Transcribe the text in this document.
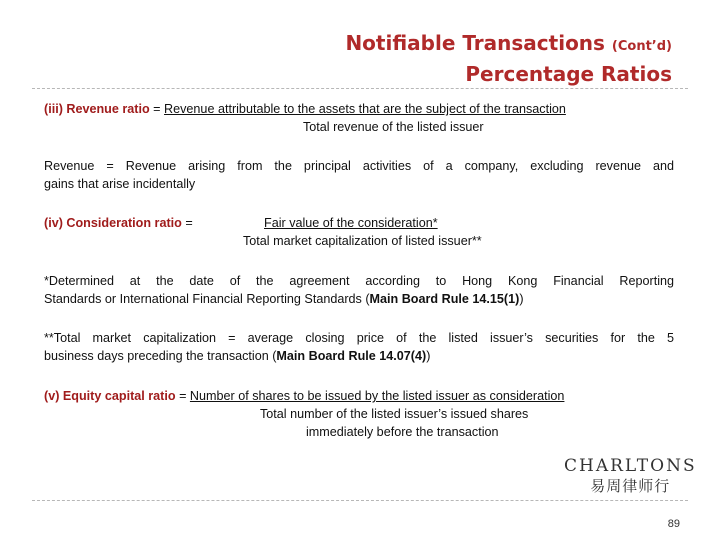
Notifiable Transactions (Cont’d)
Percentage Ratios
(iii) Revenue ratio = Revenue attributable to the assets that are the subject of the transaction
Total revenue of the listed issuer
Revenue = Revenue arising from the principal activities of a company, excluding revenue and
gains that arise incidentally
(iv) Consideration ratio =	Fair value of the consideration*
Total market capitalization of listed issuer**
*Determined at the date of the agreement according to Hong Kong Financial Reporting
Standards or International Financial Reporting Standards (Main Board Rule 14.15(1))
**Total market capitalization = average closing price of the listed issuer’s securities for the 5
business days preceding the transaction (Main Board Rule 14.07(4))
(v) Equity capital ratio = Number of shares to be issued by the listed issuer as consideration
Total number of the listed issuer’s issued shares
immediately before the transaction
CHARLTONS
易周律师行
89
